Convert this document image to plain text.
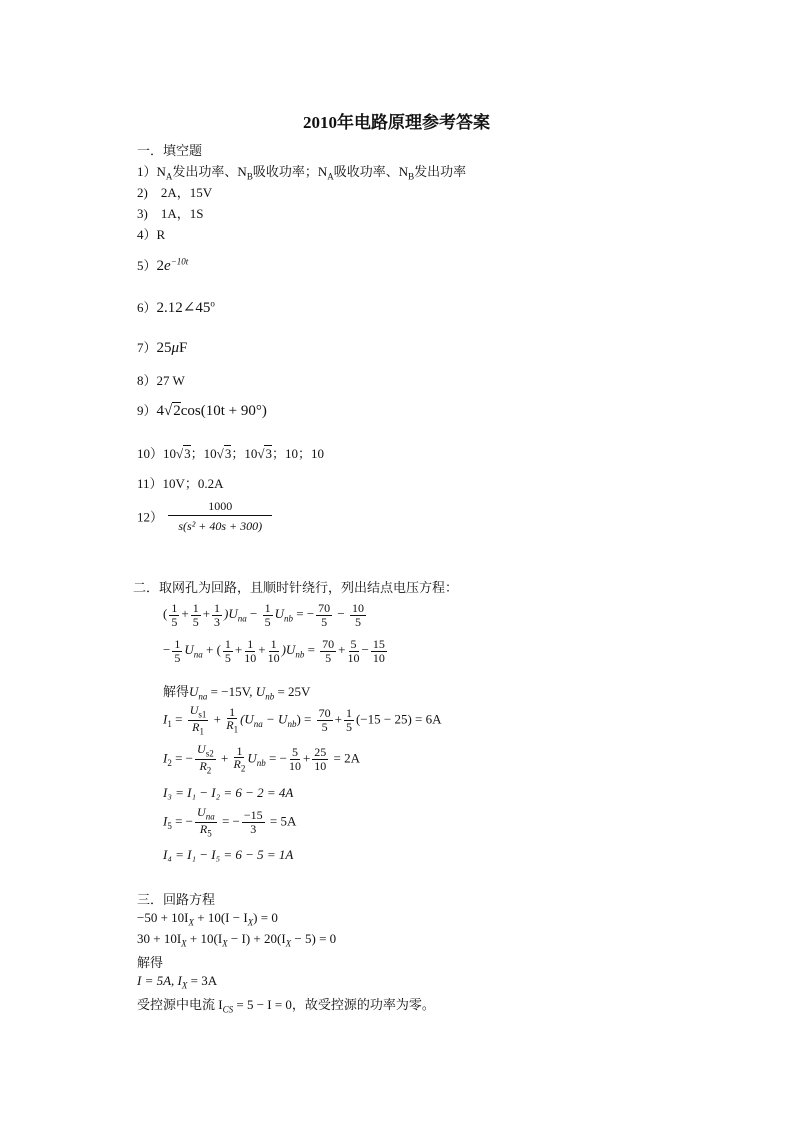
2010年电路原理参考答案
一．填空题
$1)N_A$发出功率、$N_B$吸收功率；$N_A$吸收功率、$N_B$发出功率
2)　2A，15V
3)　1A，1S
4）R
$5)2e^{-10t}$
6）2.12∠45$^o$
7）25μF
8）27 W
9）4√2cos(10t + 90°)
10）10√3；10√3；10√3；10；10
11）10V；0.2A
$12) \frac{1000}{\text{s(s² + 40s + 300)}}$
二．取网孔为回路，且顺时针绕行，列出结点电压方程：
( $\frac{1}{5} + \frac{1}{5} + \frac{1}{3} )U_{na} - \frac{1}{5} U_{nb}$ = − $\frac{70}{5} - \frac{10}{5}$
− $\frac{1}{5} U_{na}$ + ( $\frac{1}{5} + \frac{1}{10} + \frac{1}{10} )U_{nb} = \frac{70}{5} + \frac{5}{10} - \frac{15}{10}$
解得$U_{na} = -15V$, $U_{nb} = 25V$
$I_1 = \frac{U_{s1}}{R_1} + \frac{1}{R_1} (U_{na} - U_{nb}) = \frac{70}{5} + \frac{1}{5} (-15 - 25) = 6A$
$I_2$ = − $\frac{U_{s2}}{R_2} + \frac{1}{R_2} U_{nb}$ = − $\frac{5}{10} + \frac{25}{10} = 2A$
I₃ = I₁ − I₂ = 6 − 2 = 4A
$I_5$ = − $\frac{U_{na}}{R_5}$ = − $\frac{-15}{3} = 5A$
I₄ = I₁ − I₅ = 6 − 5 = 1A
三．回路方程
$-50 + 10I_X + 10(I - I_X) = 0$
$30 + 10I_X + 10(I_X - I) + 20(I_X - 5) = 0$
解得
I = 5A, $I_X = 3A$
受控源中电流 $I_{CS} = 5 - I = 0$，故受控源的功率为零。
